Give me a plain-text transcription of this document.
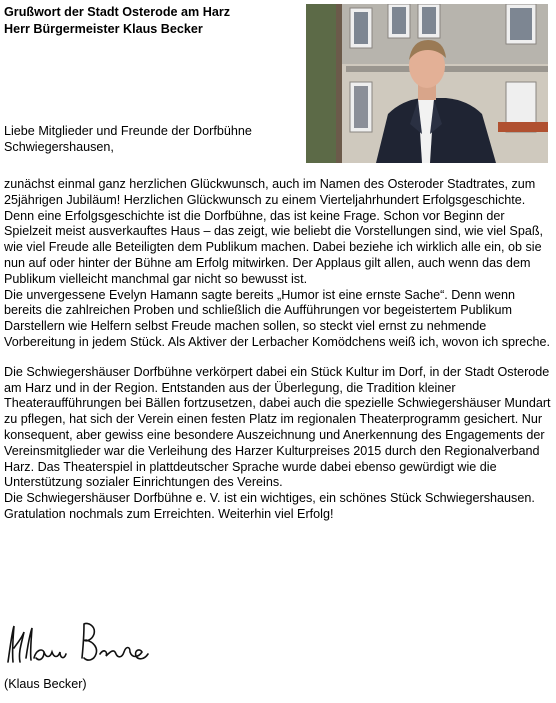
Grußwort der Stadt Osterode am Harz
Herr Bürgermeister Klaus Becker
Liebe Mitglieder und Freunde der Dorfbühne Schwiegershausen,

zunächst einmal ganz herzlichen Glückwunsch, auch im Namen des Osteroder Stadtrates, zum 25jährigen Jubiläum! Herzlichen Glückwunsch zu einem Vierteljahrhundert Erfolgsgeschichte.

Denn eine Erfolgsgeschichte ist die Dorfbühne, das ist keine Frage. Schon vor Beginn der Spielzeit meist ausverkauftes Haus – das zeigt, wie beliebt die Vorstellungen sind, wie viel Spaß, wie viel Freude alle Beteiligten dem Publikum machen. Dabei beziehe ich wirklich alle ein, ob sie nun auf oder hinter der Bühne am Erfolg mitwirken. Der Applaus gilt allen, auch wenn das dem Publikum vielleicht manchmal gar nicht so bewusst ist.

Die unvergessene Evelyn Hamann sagte bereits „Humor ist eine ernste Sache“. Denn wenn bereits die zahlreichen Proben und schließlich die Aufführungen vor begeistertem Publikum Darstellern wie Helfern selbst Freude machen sollen, so steckt viel ernst zu nehmende Vorbereitung in jedem Stück. Als Aktiver der Lerbacher Komödchens weiß ich, wovon ich spreche.

Die Schwiegershäuser Dorfbühne verkörpert dabei ein Stück Kultur im Dorf, in der Stadt Osterode am Harz und in der Region. Entstanden aus der Überlegung, die Tradition kleiner Theateraufführungen bei Bällen fortzusetzen, dabei auch die spezielle Schwiegershäuser Mundart zu pflegen, hat sich der Verein einen festen Platz im regionalen Theaterprogramm gesichert. Nur konsequent, aber gewiss eine besondere Auszeichnung und Anerkennung des Engagements der Vereinsmitglieder war die Verleihung des Harzer Kulturpreises 2015 durch den Regionalverband Harz. Das Theaterspiel in plattdeutscher Sprache wurde dabei ebenso gewürdigt wie die Unterstützung sozialer Einrichtungen des Vereins.

Die Schwiegershäuser Dorfbühne e. V. ist ein wichtiges, ein schönes Stück Schwiegershausen. Gratulation nochmals zum Erreichten. Weiterhin viel Erfolg!

(Klaus Becker)
